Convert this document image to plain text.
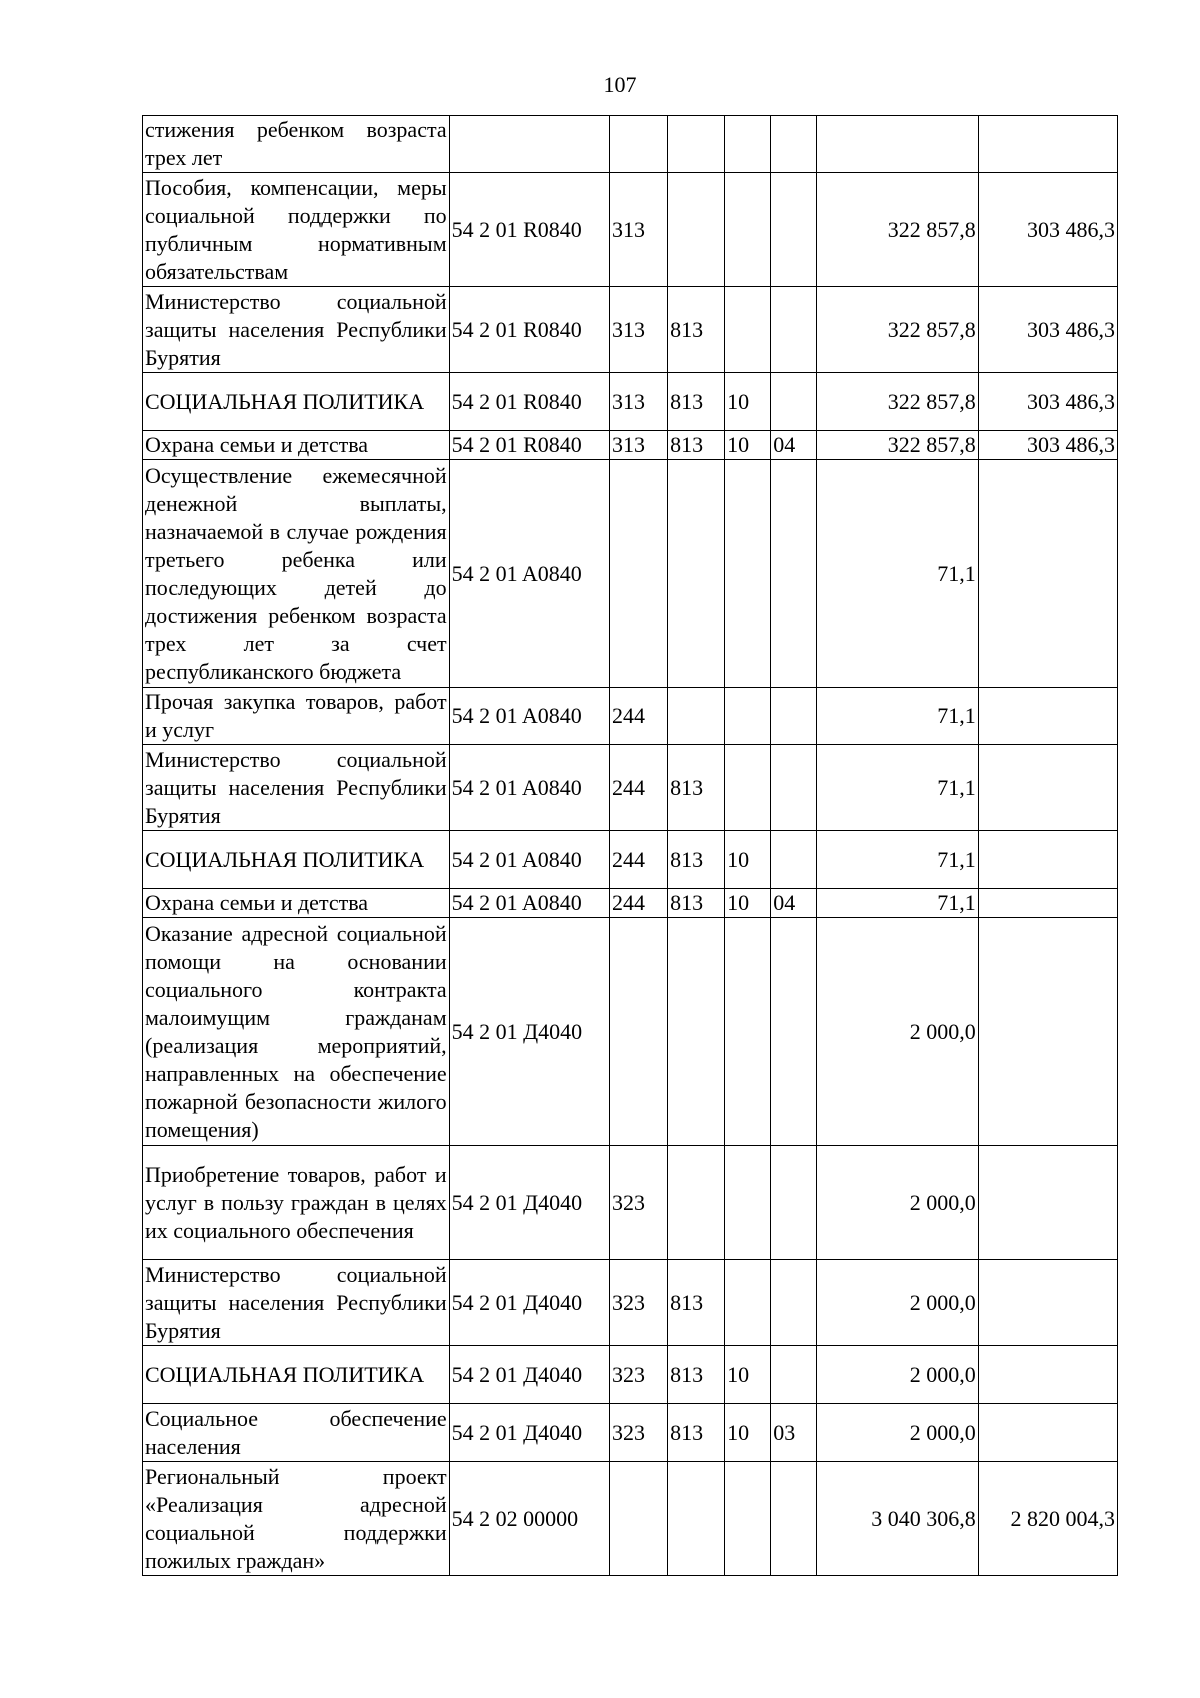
107
стижения ребенком возраста трех лет							
Пособия, компенсации, меры социальной поддержки по публичным нормативным обязательствам	54 2 01 R0840	313				322 857,8	303 486,3
Министерство социальной защиты населения Республики Бурятия	54 2 01 R0840	313	813			322 857,8	303 486,3
СОЦИАЛЬНАЯ ПОЛИТИКА	54 2 01 R0840	313	813	10		322 857,8	303 486,3
Охрана семьи и детства	54 2 01 R0840	313	813	10	04	322 857,8	303 486,3
Осуществление ежемесячной денежной выплаты, назначаемой в случае рождения третьего ребенка или последующих детей до достижения ребенком возраста трех лет за счет республиканского бюджета	54 2 01 A0840					71,1	
Прочая закупка товаров, работ и услуг	54 2 01 A0840	244				71,1	
Министерство социальной защиты населения Республики Бурятия	54 2 01 A0840	244	813			71,1	
СОЦИАЛЬНАЯ ПОЛИТИКА	54 2 01 A0840	244	813	10		71,1	
Охрана семьи и детства	54 2 01 A0840	244	813	10	04	71,1	
Оказание адресной социальной помощи на основании социального контракта малоимущим гражданам (реализация мероприятий, направленных на обеспечение пожарной безопасности жилого помещения)	54 2 01 Д4040					2 000,0	
Приобретение товаров, работ и услуг в пользу граждан в целях их социального обеспечения	54 2 01 Д4040	323				2 000,0	
Министерство социальной защиты населения Республики Бурятия	54 2 01 Д4040	323	813			2 000,0	
СОЦИАЛЬНАЯ ПОЛИТИКА	54 2 01 Д4040	323	813	10		2 000,0	
Социальное обеспечение населения	54 2 01 Д4040	323	813	10	03	2 000,0	
Региональный проект «Реализация адресной социальной поддержки пожилых граждан»	54 2 02 00000					3 040 306,8	2 820 004,3
